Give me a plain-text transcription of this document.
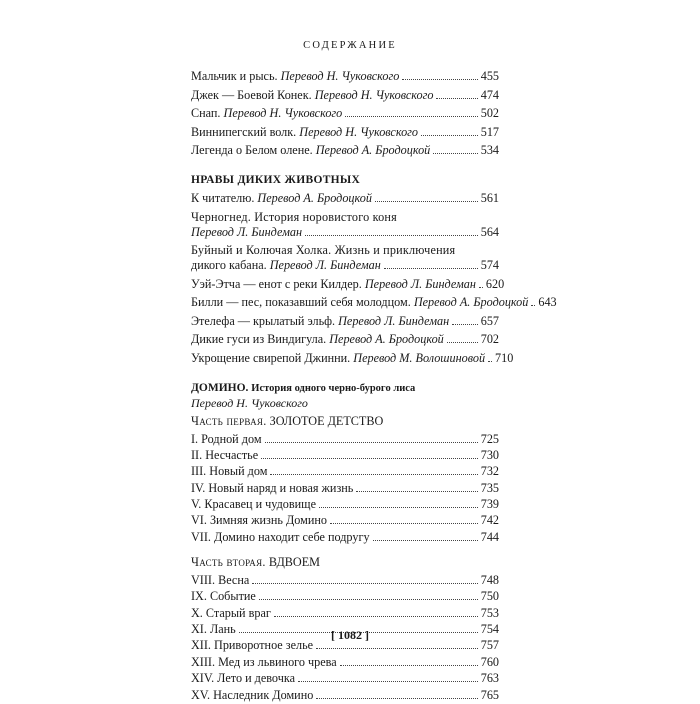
СОДЕРЖАНИЕ
Мальчик и рысь. Перевод Н. Чуковского	455
Джек — Боевой Конек. Перевод Н. Чуковского	474
Снап. Перевод Н. Чуковского	502
Виннипегский волк. Перевод Н. Чуковского	517
Легенда о Белом олене. Перевод А. Бродоцкой	534
НРАВЫ ДИКИХ ЖИВОТНЫХ
К читателю. Перевод А. Бродоцкой	561
Черногнед. История норовистого коня
Перевод Л. Биндеман	564
Буйный и Колючая Холка. Жизнь и приключения
дикого кабана. Перевод Л. Биндеман	574
Уэй-Этча — енот с реки Килдер. Перевод Л. Биндеман 620
Билли — пес, показавший себя молодцом. Перевод А. Бродоцкой 643
Этелефа — крылатый эльф. Перевод Л. Биндеман	657
Дикие гуси из Виндигула. Перевод А. Бродоцкой	702
Укрощение свирепой Джинни. Перевод М. Волошиновой 710
ДОМИНО. История одного черно-бурого лиса
Перевод Н. Чуковского
Часть первая. ЗОЛОТОЕ ДЕТСТВО
I. Родной дом	725
II. Несчастье	730
III. Новый дом	732
IV. Новый наряд и новая жизнь	735
V. Красавец и чудовище	739
VI. Зимняя жизнь Домино	742
VII. Домино находит себе подругу	744
Часть вторая. ВДВОЕМ
VIII. Весна	748
IX. Событие	750
X. Старый враг	753
XI. Лань	754
XII. Приворотное зелье	757
XIII. Мед из львиного чрева	760
XIV. Лето и девочка	763
XV. Наследник Домино	765
[ 1082 ]
